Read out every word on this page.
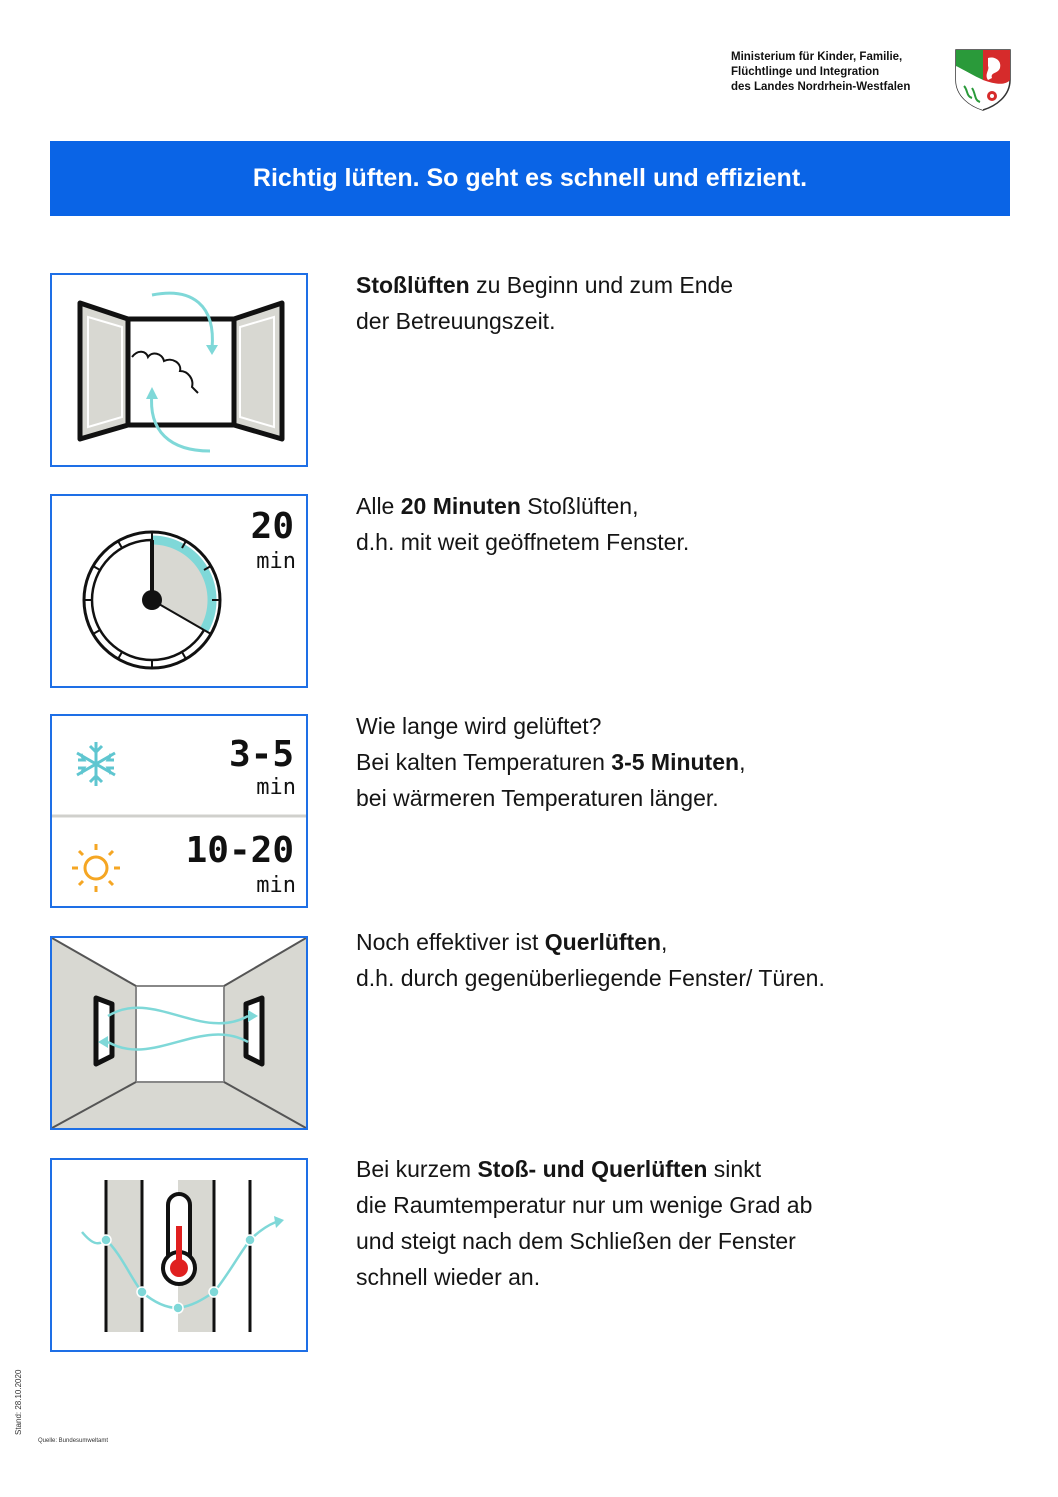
Ministerium für Kinder, Familie,
Flüchtlinge und Integration
des Landes Nordrhein-Westfalen
Richtig lüften. So geht es schnell und effizient.
Stoßlüften zu Beginn und zum Ende
der Betreuungszeit.
20
min
Alle 20 Minuten Stoßlüften,
d.h. mit weit geöffnetem Fenster.
3-5
min
10-20
min
Wie lange wird gelüftet?
Bei kalten Temperaturen 3-5 Minuten,
bei wärmeren Temperaturen länger.
Noch effektiver ist Querlüften,
d.h. durch gegenüberliegende Fenster/ Türen.
Bei kurzem Stoß- und Querlüften sinkt
die Raumtemperatur nur um wenige Grad ab
und steigt nach dem Schließen der Fenster
schnell wieder an.
Stand: 28.10.2020
Quelle: Bundesumweltamt
